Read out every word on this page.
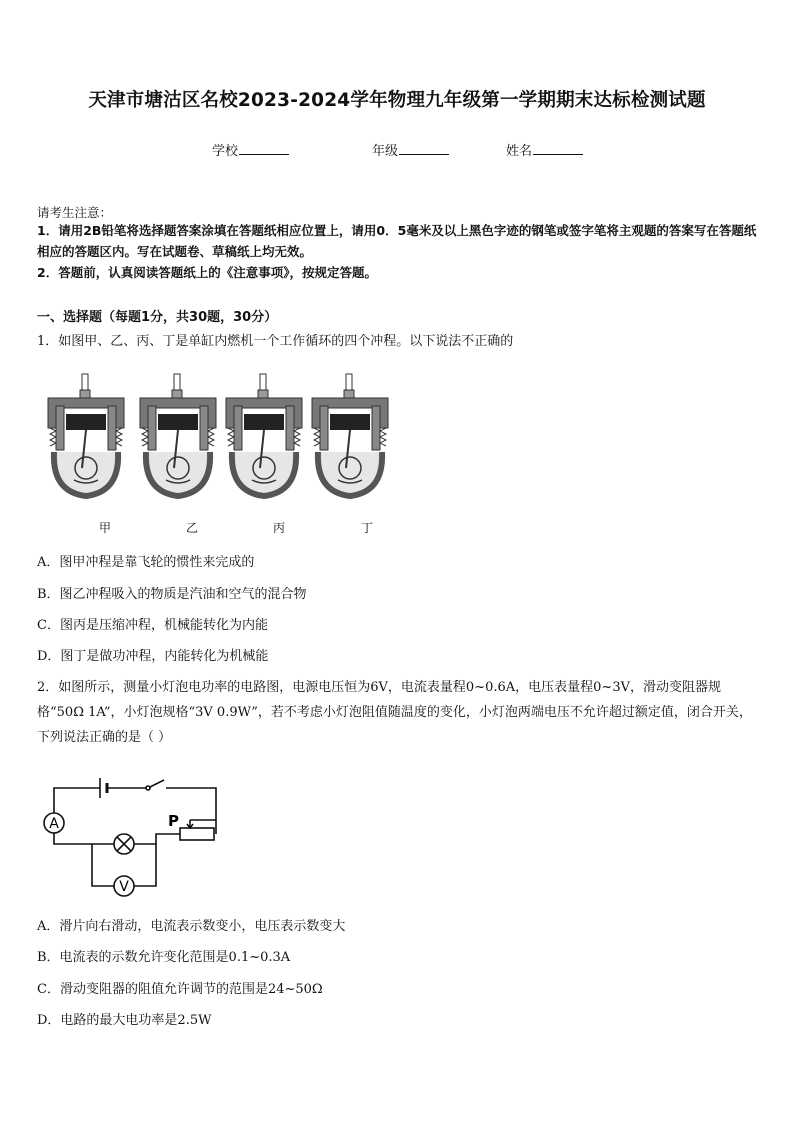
天津市塘沽区名校2023-2024学年物理九年级第一学期期末达标检测试题
学校	年级	姓名
请考生注意：
1．请用2B铅笔将选择题答案涂填在答题纸相应位置上，请用0．5毫米及以上黑色字迹的钢笔或签字笔将主观题的答案写在答题纸相应的答题区内。写在试题卷、草稿纸上均无效。
2．答题前，认真阅读答题纸上的《注意事项》，按规定答题。
一、选择题（每题1分，共30题，30分）
1．如图甲、乙、丙、丁是单缸内燃机一个工作循环的四个冲程。以下说法不正确的
甲	乙	丙	丁
A．图甲冲程是靠飞轮的惯性来完成的
B．图乙冲程吸入的物质是汽油和空气的混合物
C．图丙是压缩冲程，机械能转化为内能
D．图丁是做功冲程，内能转化为机械能
2．如图所示，测量小灯泡电功率的电路图，电源电压恒为6V，电流表量程0~0.6A，电压表量程0~3V，滑动变阻器规格“50Ω 1A”，小灯泡规格“3V 0.9W”，若不考虑小灯泡阻值随温度的变化，小灯泡两端电压不允许超过额定值，闭合开关，下列说法正确的是（ ）
A
V
P
A．滑片向右滑动，电流表示数变小，电压表示数变大
B．电流表的示数允许变化范围是0.1~0.3A
C．滑动变阻器的阻值允许调节的范围是24~50Ω
D．电路的最大电功率是2.5W
